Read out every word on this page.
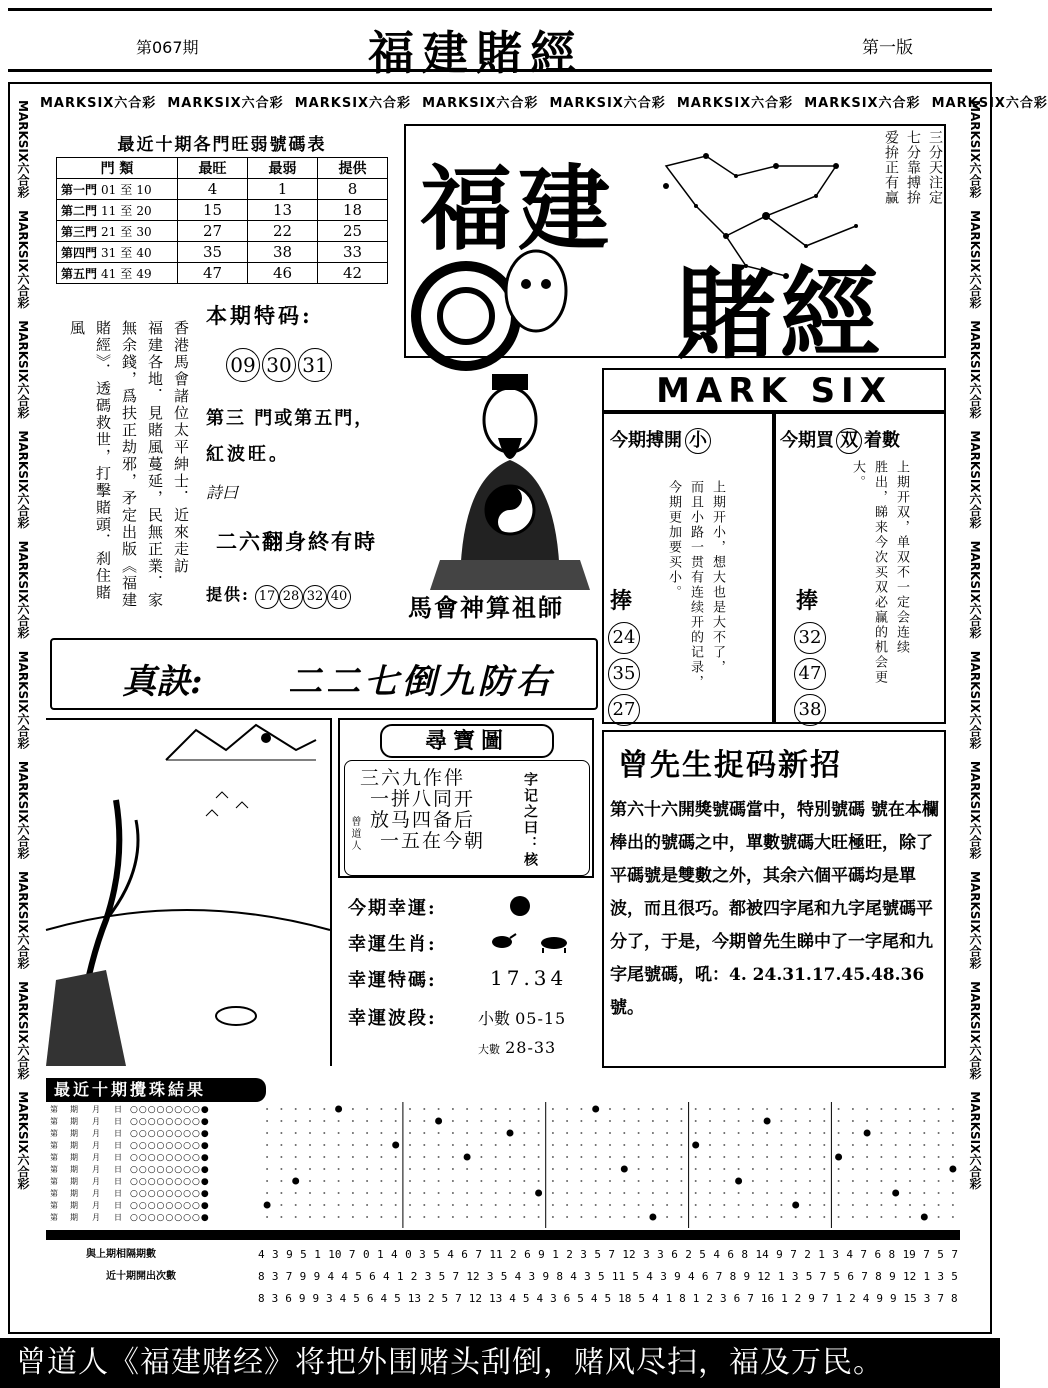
第067期	福建賭經	第一版
MARKSIX六合彩 MARKSIX六合彩 MARKSIX六合彩 MARKSIX六合彩 MARKSIX六合彩 MARKSIX六合彩 MARKSIX六合彩 MARKSIX六合彩
MARKSIX六合彩　MARKSIX六合彩　MARKSIX六合彩　MARKSIX六合彩　MARKSIX六合彩　MARKSIX六合彩　MARKSIX六合彩　MARKSIX六合彩　MARKSIX六合彩　MARKSIX六合彩
MARKSIX六合彩　MARKSIX六合彩　MARKSIX六合彩　MARKSIX六合彩　MARKSIX六合彩　MARKSIX六合彩　MARKSIX六合彩　MARKSIX六合彩　MARKSIX六合彩　MARKSIX六合彩
最近十期各門旺弱號碼表
門 類	最旺	最弱	提供
第一門 01 至 10	4	1	8
第二門 11 至 20	15	13	18
第三門 21 至 30	27	22	25
第四門 31 至 40	35	38	33
第五門 41 至 49	47	46	42
福建
賭經
三分天注定
七分靠搏拚
爱拚正有赢
香港馬會諸位太平紳士．近來走訪
福建各地．見賭風蔓延，民無正業．家
無余錢，爲扶正劫邪，矛定出版《福建
賭經》．透碼救世，打擊賭頭．刹住賭
風
本期特码:
09 30 31
第三 門或第五門，
紅波旺。
詩曰
二六翻身終有時
提供: 17 28 32 40	馬會神算祖師
真訣:	二二七倒九防右
MARK SIX
今期搏開 小
上期开小，想大也是大不了，
而且小路一贯有连续开的记录，
今期更加要买小。
捧
24
35
27
今期買 双 着數
上期开双，单双不一定会连续
胜出，睇来今次买双必赢的机会更
大。
捧
32
47
38
尋寶圖
三六九作伴
一拼八同开
放马四备后
一五在今朝	字记之曰：核
曾道人
今期幸運:
幸運生肖:
幸運特碼:	17.34
幸運波段:	小數 05-15
大數 28-33
曾先生捉码新招
第六十六開獎號碼當中，特別號碼 號在本欄棒出的號碼之中，單數號碼大旺極旺，除了平碼號是雙數之外，其余六個平碼均是單波，而且很巧。都被四字尾和九字尾號碼平分了，于是，今期曾先生睇中了一字尾和九字尾號碼，吼：4. 24.31.17.45.48.36號。
最近十期攪珠結果
第 期 月 日 ○○○○○○○○●
第 期 月 日 ○○○○○○○○●
第 期 月 日 ○○○○○○○○●
第 期 月 日 ○○○○○○○○●
第 期 月 日 ○○○○○○○○●
第 期 月 日 ○○○○○○○○●
第 期 月 日 ○○○○○○○○●
第 期 月 日 ○○○○○○○○●
第 期 月 日 ○○○○○○○○●
第 期 月 日 ○○○○○○○○●
與上期相隔期數
近十期開出次數
4 3 9 5 1 10 7 0 1 4 0 3 5 4 6 7 11 2 6 9 1 2 3 5 7 12 3 3 6 2 5 4 6 8 14 9 7 2 1 3 4 7 6 8 19 7 5 7
8 3 7 9 9 4 4 5 6 4 1 2 3 5 7 12 3 5 4 3 9 8 4 3 5 11 5 4 3 9 4 6 7 8 9 12 1 3 5 7 5 6 7 8 9 12 1 3 5
8 3 6 9 9 3 4 5 6 4 5 13 2 5 7 12 13 4 5 4 3 6 5 4 5 18 5 4 1 8 1 2 3 6 7 16 1 2 9 7 1 2 4 9 9 15 3 7 8
曾道人《福建赌经》将把外围赌头刮倒，赌风尽扫，福及万民。
